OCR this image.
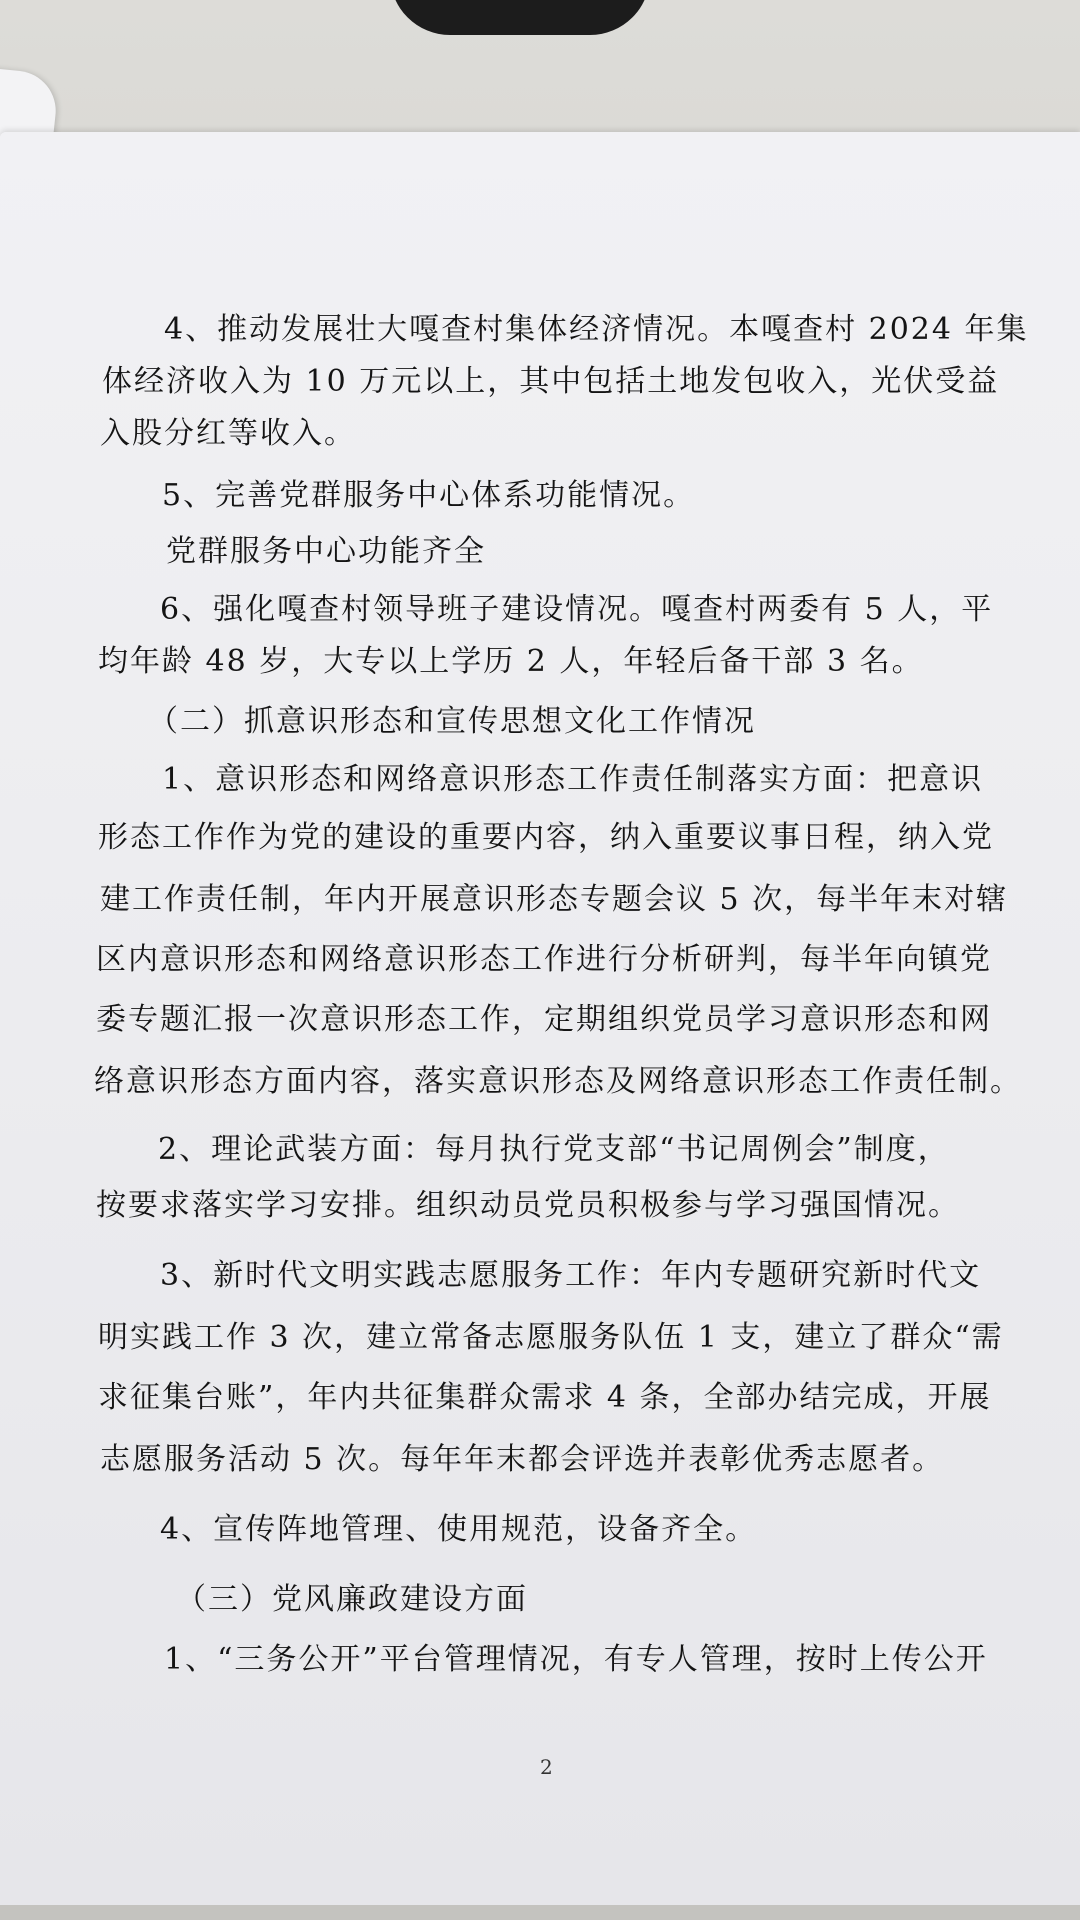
4、推动发展壮大嘎查村集体经济情况。本嘎查村 2024 年集
体经济收入为 10 万元以上，其中包括土地发包收入，光伏受益
入股分红等收入。
5、完善党群服务中心体系功能情况。
党群服务中心功能齐全
6、强化嘎查村领导班子建设情况。嘎查村两委有 5 人，平
均年龄 48 岁，大专以上学历 2 人，年轻后备干部 3 名。
（二）抓意识形态和宣传思想文化工作情况
1、意识形态和网络意识形态工作责任制落实方面：把意识
形态工作作为党的建设的重要内容，纳入重要议事日程，纳入党
建工作责任制，年内开展意识形态专题会议 5 次，每半年末对辖
区内意识形态和网络意识形态工作进行分析研判，每半年向镇党
委专题汇报一次意识形态工作，定期组织党员学习意识形态和网
络意识形态方面内容，落实意识形态及网络意识形态工作责任制。
2、理论武装方面：每月执行党支部“书记周例会”制度，
按要求落实学习安排。组织动员党员积极参与学习强国情况。
3、新时代文明实践志愿服务工作：年内专题研究新时代文
明实践工作 3 次，建立常备志愿服务队伍 1 支，建立了群众“需
求征集台账”，年内共征集群众需求 4 条，全部办结完成，开展
志愿服务活动 5 次。每年年末都会评选并表彰优秀志愿者。
4、宣传阵地管理、使用规范，设备齐全。
（三）党风廉政建设方面
1、“三务公开”平台管理情况，有专人管理，按时上传公开
2
